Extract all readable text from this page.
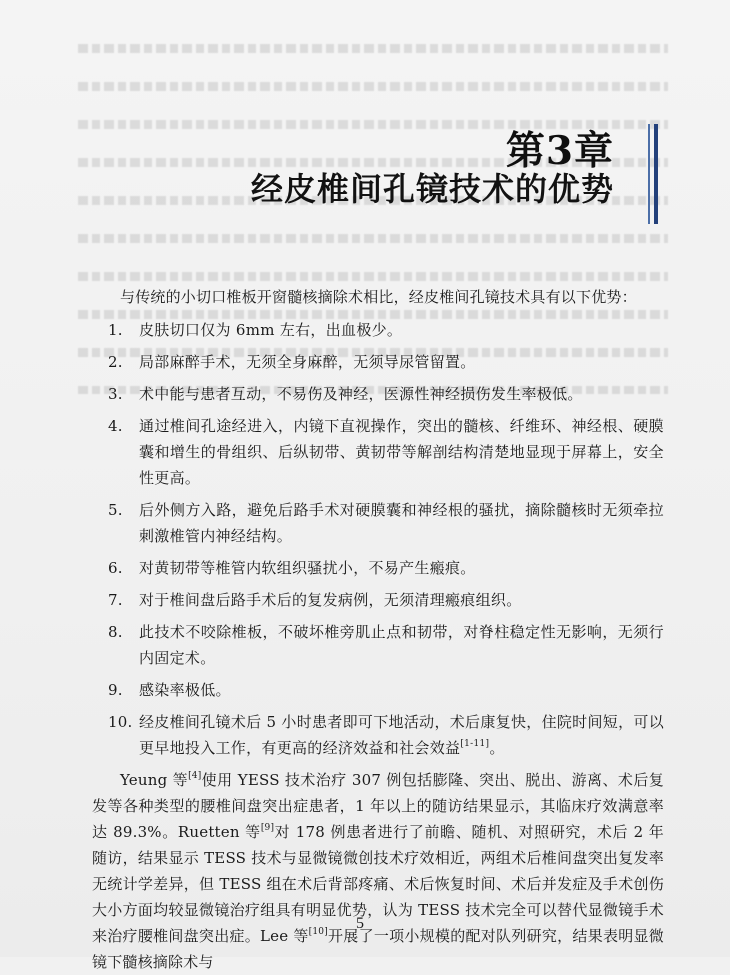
第3章
经皮椎间孔镜技术的优势

与传统的小切口椎板开窗髓核摘除术相比，经皮椎间孔镜技术具有以下优势：

1.	皮肤切口仅为 6mm 左右，出血极少。
2.	局部麻醉手术，无须全身麻醉，无须导尿管留置。
3.	术中能与患者互动，不易伤及神经，医源性神经损伤发生率极低。
4.	通过椎间孔途经进入，内镜下直视操作，突出的髓核、纤维环、神经根、硬膜囊和增生的骨组织、后纵韧带、黄韧带等解剖结构清楚地显现于屏幕上，安全性更高。
5.	后外侧方入路，避免后路手术对硬膜囊和神经根的骚扰，摘除髓核时无须牵拉刺激椎管内神经结构。
6.	对黄韧带等椎管内软组织骚扰小，不易产生瘢痕。
7.	对于椎间盘后路手术后的复发病例，无须清理瘢痕组织。
8.	此技术不咬除椎板，不破坏椎旁肌止点和韧带，对脊柱稳定性无影响，无须行内固定术。
9.	感染率极低。
10. 经皮椎间孔镜术后 5 小时患者即可下地活动，术后康复快，住院时间短，可以更早地投入工作，有更高的经济效益和社会效益[1-11]。

Yeung 等[4]使用 YESS 技术治疗 307 例包括膨隆、突出、脱出、游离、术后复发等各种类型的腰椎间盘突出症患者，1 年以上的随访结果显示，其临床疗效满意率达 89.3%。Ruetten 等[9]对 178 例患者进行了前瞻、随机、对照研究，术后 2 年随访，结果显示 TESS 技术与显微镜微创技术疗效相近，两组术后椎间盘突出复发率无统计学差异，但 TESS 组在术后背部疼痛、术后恢复时间、术后并发症及手术创伤大小方面均较显微镜治疗组具有明显优势，认为 TESS 技术完全可以替代显微镜手术来治疗腰椎间盘突出症。Lee 等[10]开展了一项小规模的配对队列研究，结果表明显微镜下髓核摘除术与

5
